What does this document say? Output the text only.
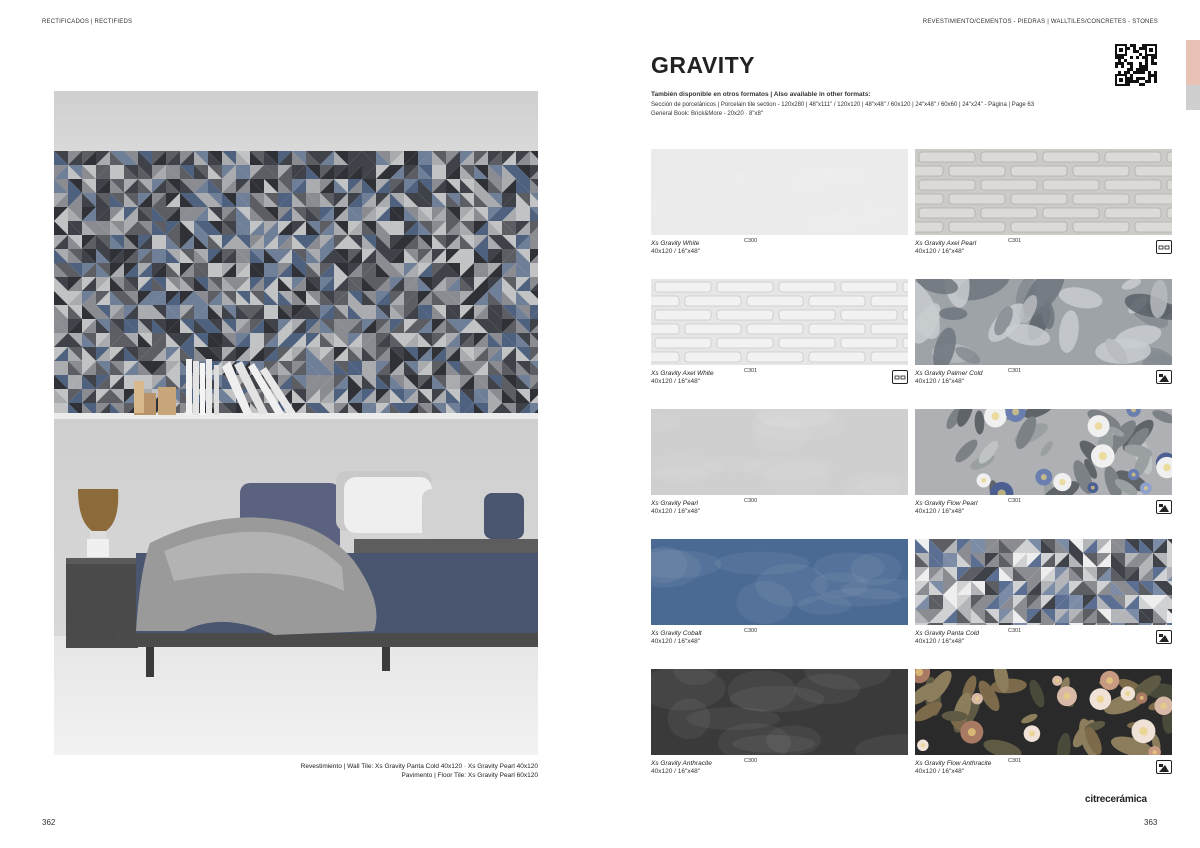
RECTIFICADOS | RECTIFIEDS	REVESTIMIENTO/CEMENTOS - PIEDRAS | WALLTILES/CONCRETES - STONES
Revestimiento | Wall Tile: Xs Gravity Panta Cold 40x120 · Xs Gravity Pearl 40x120
Pavimento | Floor Tile: Xs Gravity Pearl 60x120
362	363
citrecerámica
GRAVITY
También disponible en otros formatos | Also available in other formats:
Sección de porcelánicos | Porcelain tile section - 120x280 | 48"x111" / 120x120 | 48"x48" / 60x120 | 24"x48" / 60x60 | 24"x24" - Página | Page 63
General Book: Brick&More - 20x20 · 8"x8"
Xs Gravity White
40x120 / 16"x48"
C300	Xs Gravity Axel Pearl
40x120 / 16"x48"
C301
Xs Gravity Axel White
40x120 / 16"x48"
C301	Xs Gravity Palmer Cold
40x120 / 16"x48"
C301
Xs Gravity Pearl
40x120 / 16"x48"
C300	Xs Gravity Flow Pearl
40x120 / 16"x48"
C301
Xs Gravity Cobalt
40x120 / 16"x48"
C300	Xs Gravity Panta Cold
40x120 / 16"x48"
C301
Xs Gravity Anthracite
40x120 / 16"x48"
C300	Xs Gravity Flow Anthracite
40x120 / 16"x48"
C301
